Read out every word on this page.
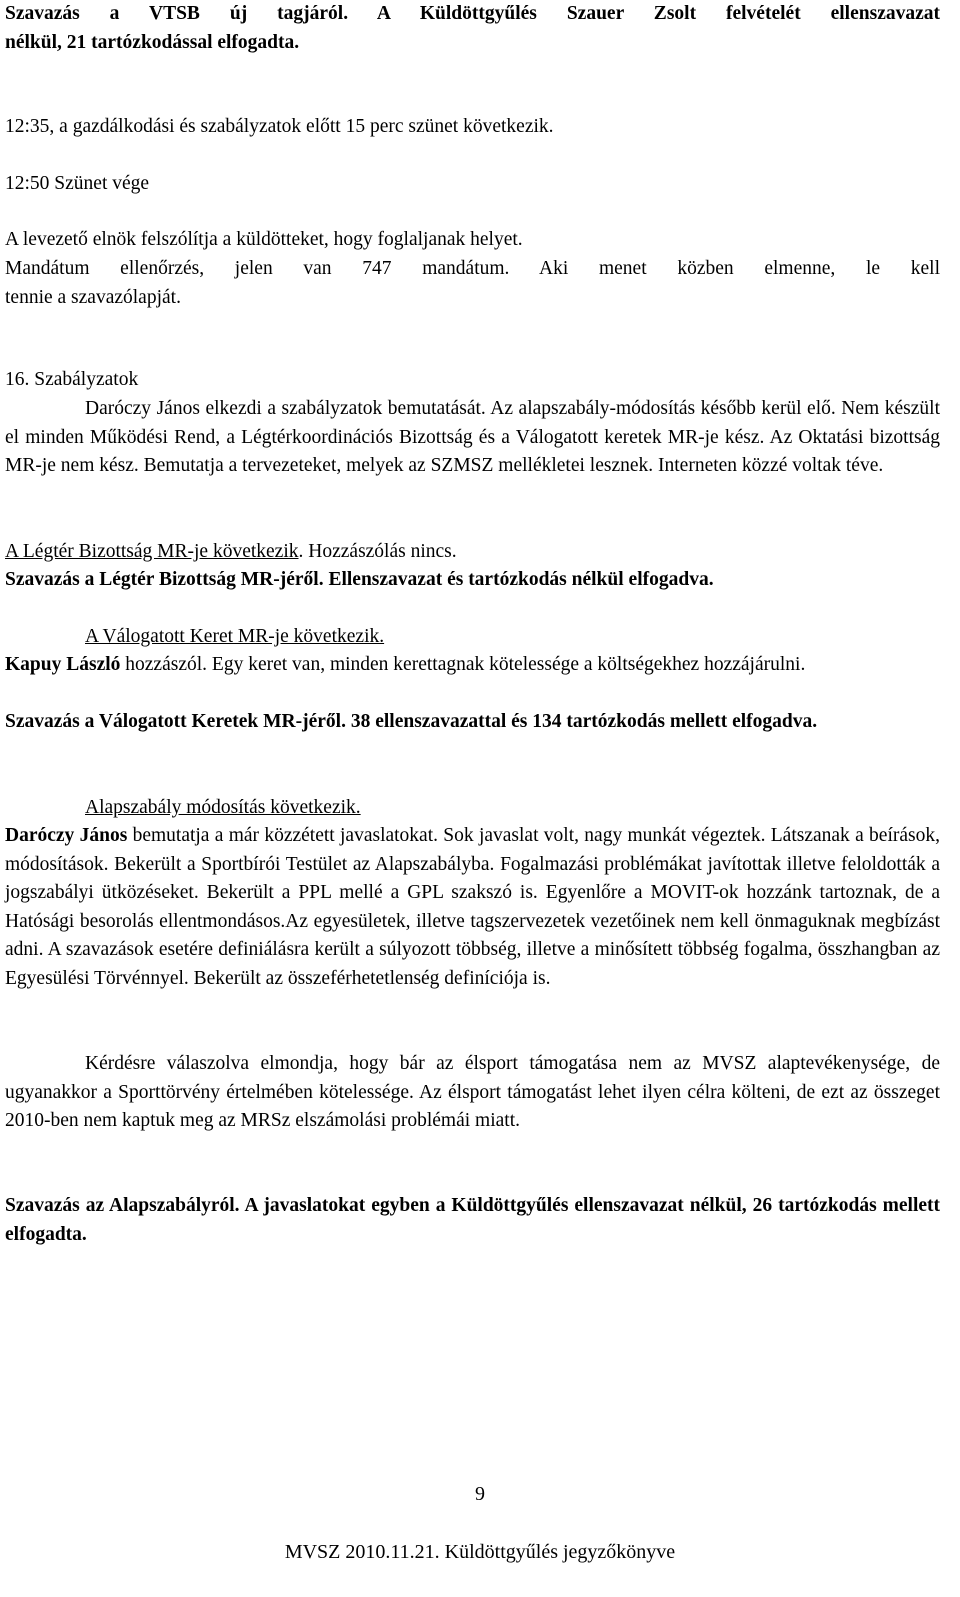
Szavazás a VTSB új tagjáról. A Küldöttgyűlés Szauer Zsolt felvételét ellenszavazat
nélkül, 21 tartózkodással elfogadta.
12:35, a gazdálkodási és szabályzatok előtt 15 perc szünet következik.
12:50 Szünet vége
A levezető elnök felszólítja a küldötteket, hogy foglaljanak helyet.
Mandátum ellenőrzés, jelen van 747 mandátum. Aki menet közben elmenne, le kell
tennie a szavazólapját.
16. Szabályzatok
Daróczy János elkezdi a szabályzatok bemutatását. Az alapszabály-módosítás később kerül elő. Nem készült el minden Működési Rend, a Légtérkoordinációs Bizottság és a Válogatott keretek MR-je kész. Az Oktatási bizottság MR-je nem kész. Bemutatja a tervezeteket, melyek az SZMSZ mellékletei lesznek. Interneten közzé voltak téve.
A Légtér Bizottság MR-je következik. Hozzászólás nincs.
Szavazás a Légtér Bizottság MR-jéről. Ellenszavazat és tartózkodás nélkül elfogadva.
A Válogatott Keret MR-je következik.
Kapuy László hozzászól. Egy keret van, minden kerettagnak kötelessége a költségekhez hozzájárulni.
Szavazás a Válogatott Keretek MR-jéről. 38 ellenszavazattal és 134 tartózkodás mellett elfogadva.
Alapszabály módosítás következik.
Daróczy János bemutatja a már közzétett javaslatokat. Sok javaslat volt, nagy munkát végeztek. Látszanak a beírások, módosítások. Bekerült a Sportbírói Testület az Alapszabályba. Fogalmazási problémákat javítottak illetve feloldották a jogszabályi ütközéseket. Bekerült a PPL mellé a GPL szakszó is. Egyenlőre a MOVIT-ok hozzánk tartoznak, de a Hatósági besorolás ellentmondásos.Az egyesületek, illetve tagszervezetek vezetőinek nem kell önmaguknak megbízást adni. A szavazások esetére definiálásra került a súlyozott többség, illetve a minősített többség fogalma, összhangban az Egyesülési Törvénnyel. Bekerült az összeférhetetlenség definíciója is.
Kérdésre válaszolva elmondja, hogy bár az élsport támogatása nem az MVSZ alaptevékenysége, de ugyanakkor a Sporttörvény értelmében kötelessége. Az élsport támogatást lehet ilyen célra költeni, de ezt az összeget 2010-ben nem kaptuk meg az MRSz elszámolási problémái miatt.
Szavazás az Alapszabályról. A javaslatokat egyben a Küldöttgyűlés ellenszavazat nélkül, 26 tartózkodás mellett elfogadta.
9
MVSZ 2010.11.21. Küldöttgyűlés jegyzőkönyve
